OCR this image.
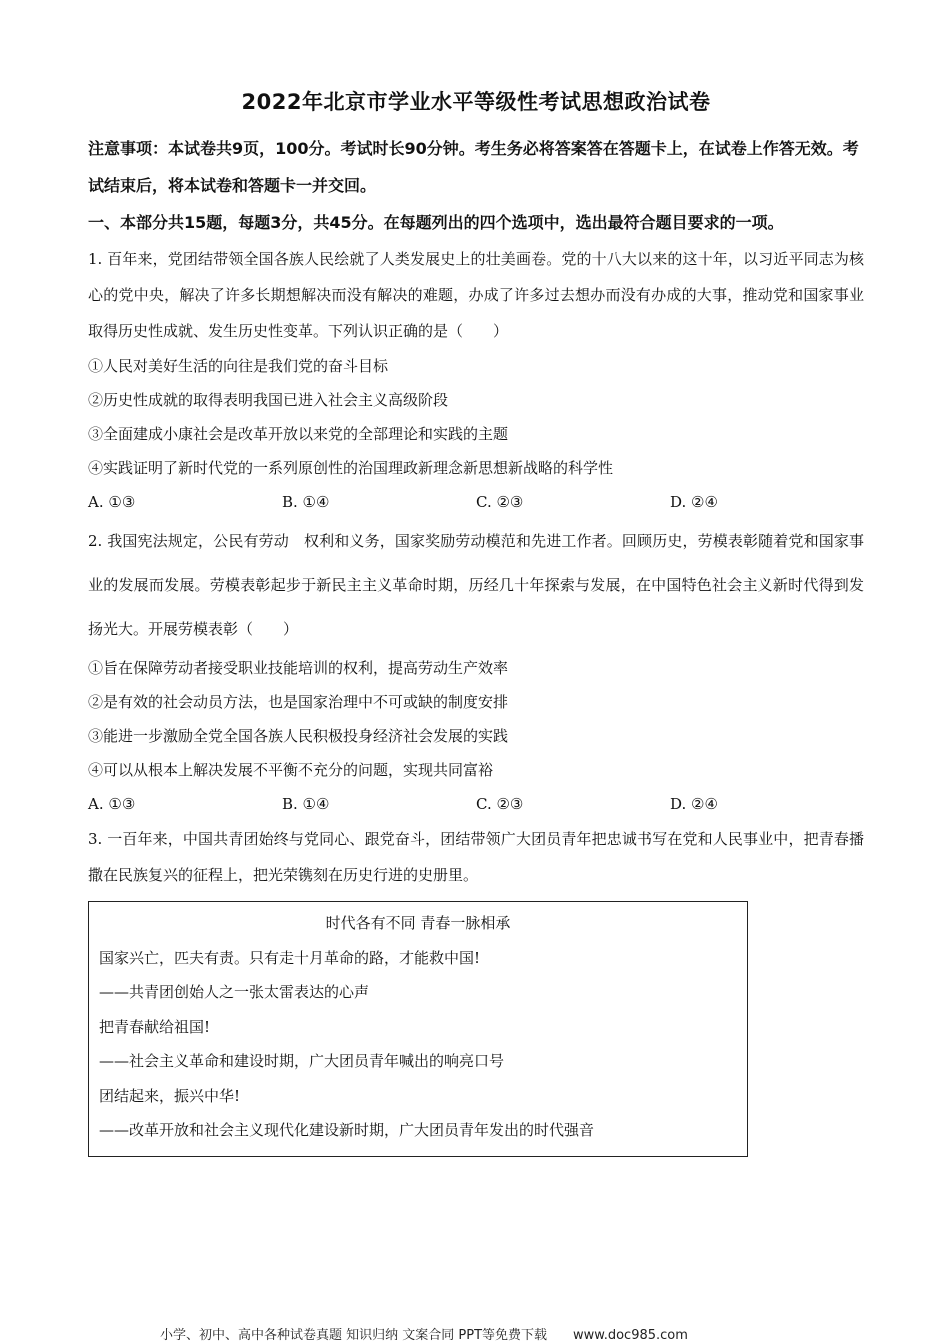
2022年北京市学业水平等级性考试思想政治试卷
注意事项：本试卷共9页，100分。考试时长90分钟。考生务必将答案答在答题卡上，在试卷上作答无效。考试结束后，将本试卷和答题卡一并交回。
一、本部分共15题，每题3分，共45分。在每题列出的四个选项中，选出最符合题目要求的一项。
1. 百年来，党团结带领全国各族人民绘就了人类发展史上的壮美画卷。党的十八大以来的这十年，以习近平同志为核心的党中央，解决了许多长期想解决而没有解决的难题，办成了许多过去想办而没有办成的大事，推动党和国家事业取得历史性成就、发生历史性变革。下列认识正确的是（　　）
①人民对美好生活的向往是我们党的奋斗目标
②历史性成就的取得表明我国已进入社会主义高级阶段
③全面建成小康社会是改革开放以来党的全部理论和实践的主题
④实践证明了新时代党的一系列原创性的治国理政新理念新思想新战略的科学性
A. ①③	B. ①④	C. ②③	D. ②④
2. 我国宪法规定，公民有劳动　权利和义务，国家奖励劳动模范和先进工作者。回顾历史，劳模表彰随着党和国家事业的发展而发展。劳模表彰起步于新民主主义革命时期，历经几十年探索与发展，在中国特色社会主义新时代得到发扬光大。开展劳模表彰（　　）
①旨在保障劳动者接受职业技能培训的权利，提高劳动生产效率
②是有效的社会动员方法，也是国家治理中不可或缺的制度安排
③能进一步激励全党全国各族人民积极投身经济社会发展的实践
④可以从根本上解决发展不平衡不充分的问题，实现共同富裕
A. ①③	B. ①④	C. ②③	D. ②④
3. 一百年来，中国共青团始终与党同心、跟党奋斗，团结带领广大团员青年把忠诚书写在党和人民事业中，把青春播撒在民族复兴的征程上，把光荣镌刻在历史行进的史册里。
时代各有不同 青春一脉相承
国家兴亡，匹夫有责。只有走十月革命的路，才能救中国!
——共青团创始人之一张太雷表达的心声
把青春献给祖国!
——社会主义革命和建设时期，广大团员青年喊出的响亮口号
团结起来，振兴中华!
——改革开放和社会主义现代化建设新时期，广大团员青年发出的时代强音
小学、初中、高中各种试卷真题 知识归纳 文案合同 PPT等免费下载　　www.doc985.com
